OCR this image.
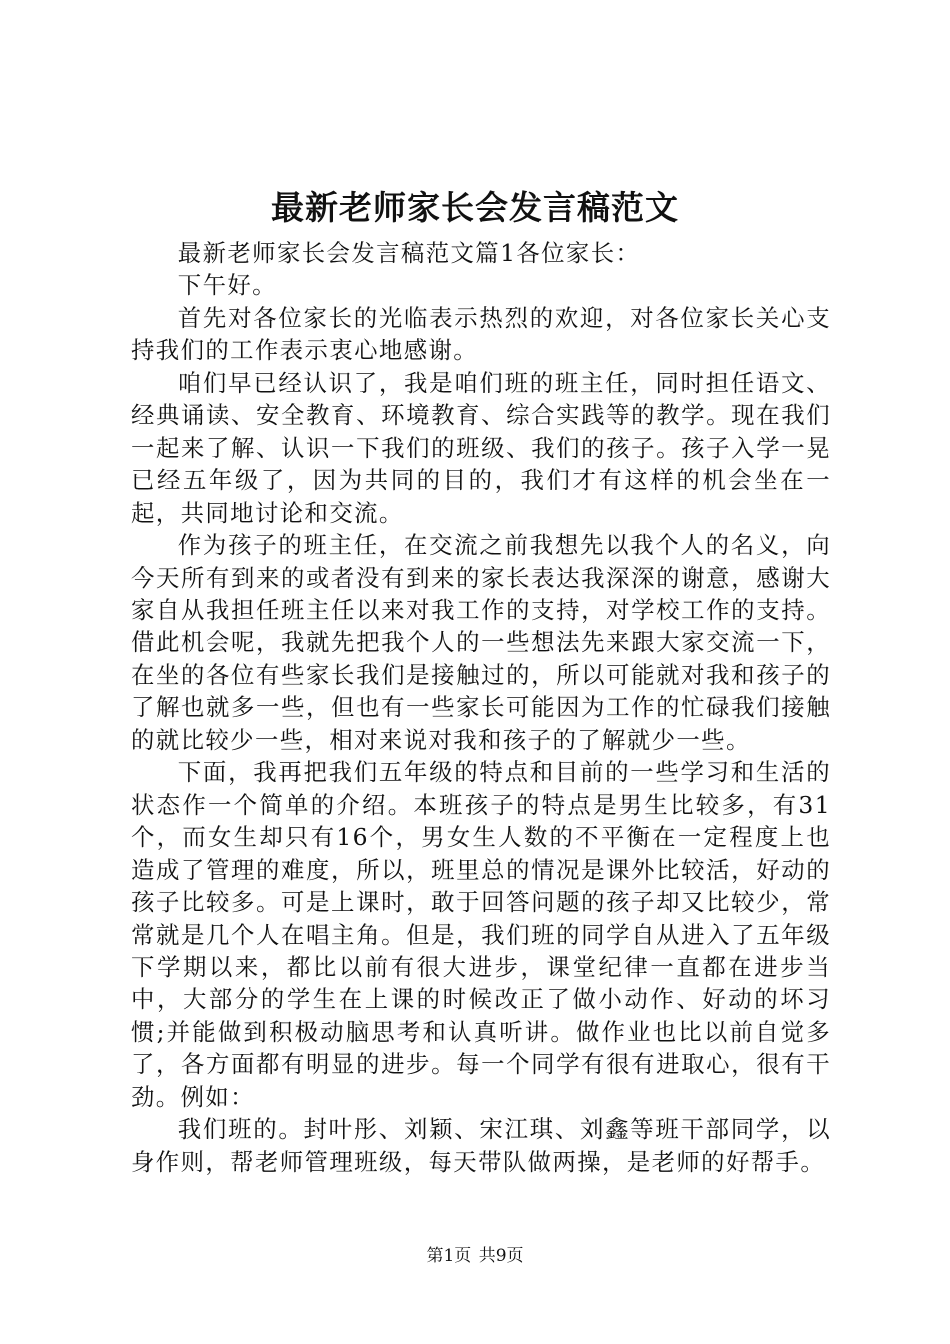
最新老师家长会发言稿范文

最新老师家长会发言稿范文篇1各位家长：

下午好。

首先对各位家长的光临表示热烈的欢迎，对各位家长关心支持我们的工作表示衷心地感谢。

咱们早已经认识了，我是咱们班的班主任，同时担任语文、经典诵读、安全教育、环境教育、综合实践等的教学。现在我们一起来了解、认识一下我们的班级、我们的孩子。孩子入学一晃已经五年级了，因为共同的目的，我们才有这样的机会坐在一起，共同地讨论和交流。

作为孩子的班主任，在交流之前我想先以我个人的名义，向今天所有到来的或者没有到来的家长表达我深深的谢意，感谢大家自从我担任班主任以来对我工作的支持，对学校工作的支持。借此机会呢，我就先把我个人的一些想法先来跟大家交流一下，在坐的各位有些家长我们是接触过的，所以可能就对我和孩子的了解也就多一些，但也有一些家长可能因为工作的忙碌我们接触的就比较少一些，相对来说对我和孩子的了解就少一些。

下面，我再把我们五年级的特点和目前的一些学习和生活的状态作一个简单的介绍。本班孩子的特点是男生比较多，有31个，而女生却只有16个，男女生人数的不平衡在一定程度上也造成了管理的难度，所以，班里总的情况是课外比较活，好动的孩子比较多。可是上课时，敢于回答问题的孩子却又比较少，常常就是几个人在唱主角。但是，我们班的同学自从进入了五年级下学期以来，都比以前有很大进步，课堂纪律一直都在进步当中，大部分的学生在上课的时候改正了做小动作、好动的坏习惯;并能做到积极动脑思考和认真听讲。做作业也比以前自觉多了，各方面都有明显的进步。每一个同学有很有进取心，很有干劲。例如：

我们班的。封叶彤、刘颖、宋江琪、刘鑫等班干部同学，以身作则，帮老师管理班级，每天带队做两操，是老师的好帮手。

第1页 共9页
